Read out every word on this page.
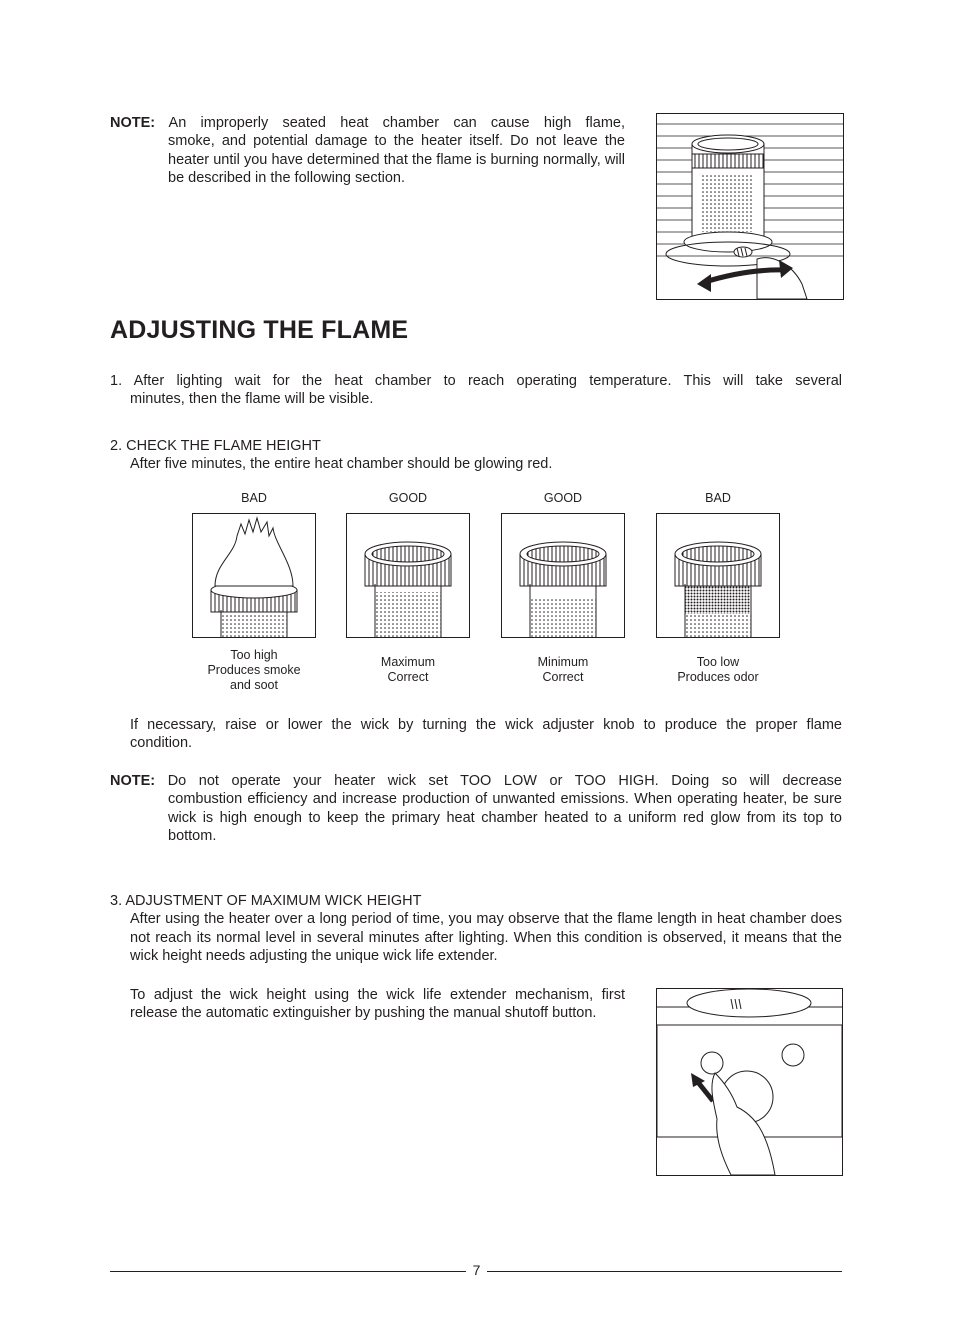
NOTE: An improperly seated heat chamber can cause high flame,
smoke, and potential damage to the heater itself. Do not leave the heater until you have determined that the flame is burning normally, will be described in the following section.
ADJUSTING THE FLAME
1. After lighting wait for the heat chamber to reach operating temperature. This will take several
minutes, then the flame will be visible.
2. CHECK THE FLAME HEIGHT
After five minutes, the entire heat chamber should be glowing red.
BAD
Too high
Produces smoke
and soot
GOOD
Maximum
Correct
GOOD
Minimum
Correct
BAD
Too low
Produces odor
If necessary, raise or lower the wick by turning the wick adjuster knob to produce the proper flame
condition.
NOTE: Do not operate your heater wick set TOO LOW or TOO HIGH. Doing so will decrease
combustion efficiency and increase production of unwanted emissions. When operating heater, be sure wick is high enough to keep the primary heat chamber heated to a uniform red glow from its top to bottom.
3. ADJUSTMENT OF MAXIMUM WICK HEIGHT
After using the heater over a long period of time, you may observe that the flame length in heat chamber does not reach its normal level in several minutes after lighting. When this condition is observed, it means that the wick height needs adjusting the unique wick life extender.
To adjust the wick height using the wick life extender mechanism, first release the automatic extinguisher by pushing the manual shutoff button.
7
